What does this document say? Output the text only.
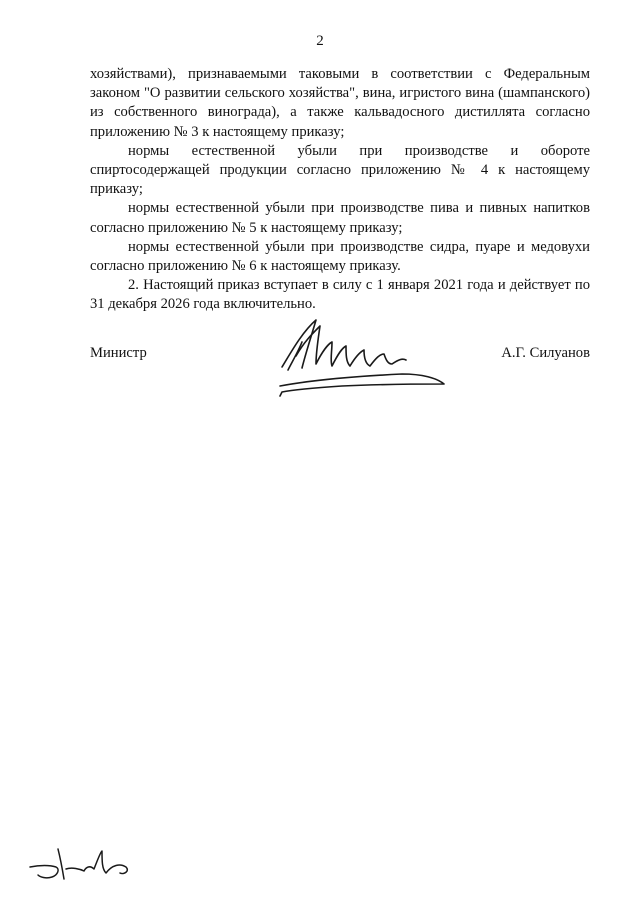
2

хозяйствами), признаваемыми таковыми в соответствии с Федеральным законом "О развитии сельского хозяйства", вина, игристого вина (шампанского) из собственного винограда), а также кальвадосного дистиллята согласно приложению № 3 к настоящему приказу;

нормы естественной убыли при производстве и обороте спиртосодержащей продукции согласно приложению № 4 к настоящему приказу;

нормы естественной убыли при производстве пива и пивных напитков согласно приложению № 5 к настоящему приказу;

нормы естественной убыли при производстве сидра, пуаре и медовухи согласно приложению № 6 к настоящему приказу.

2. Настоящий приказ вступает в силу с 1 января 2021 года и действует по 31 декабря 2026 года включительно.

Министр	А.Г. Силуанов
